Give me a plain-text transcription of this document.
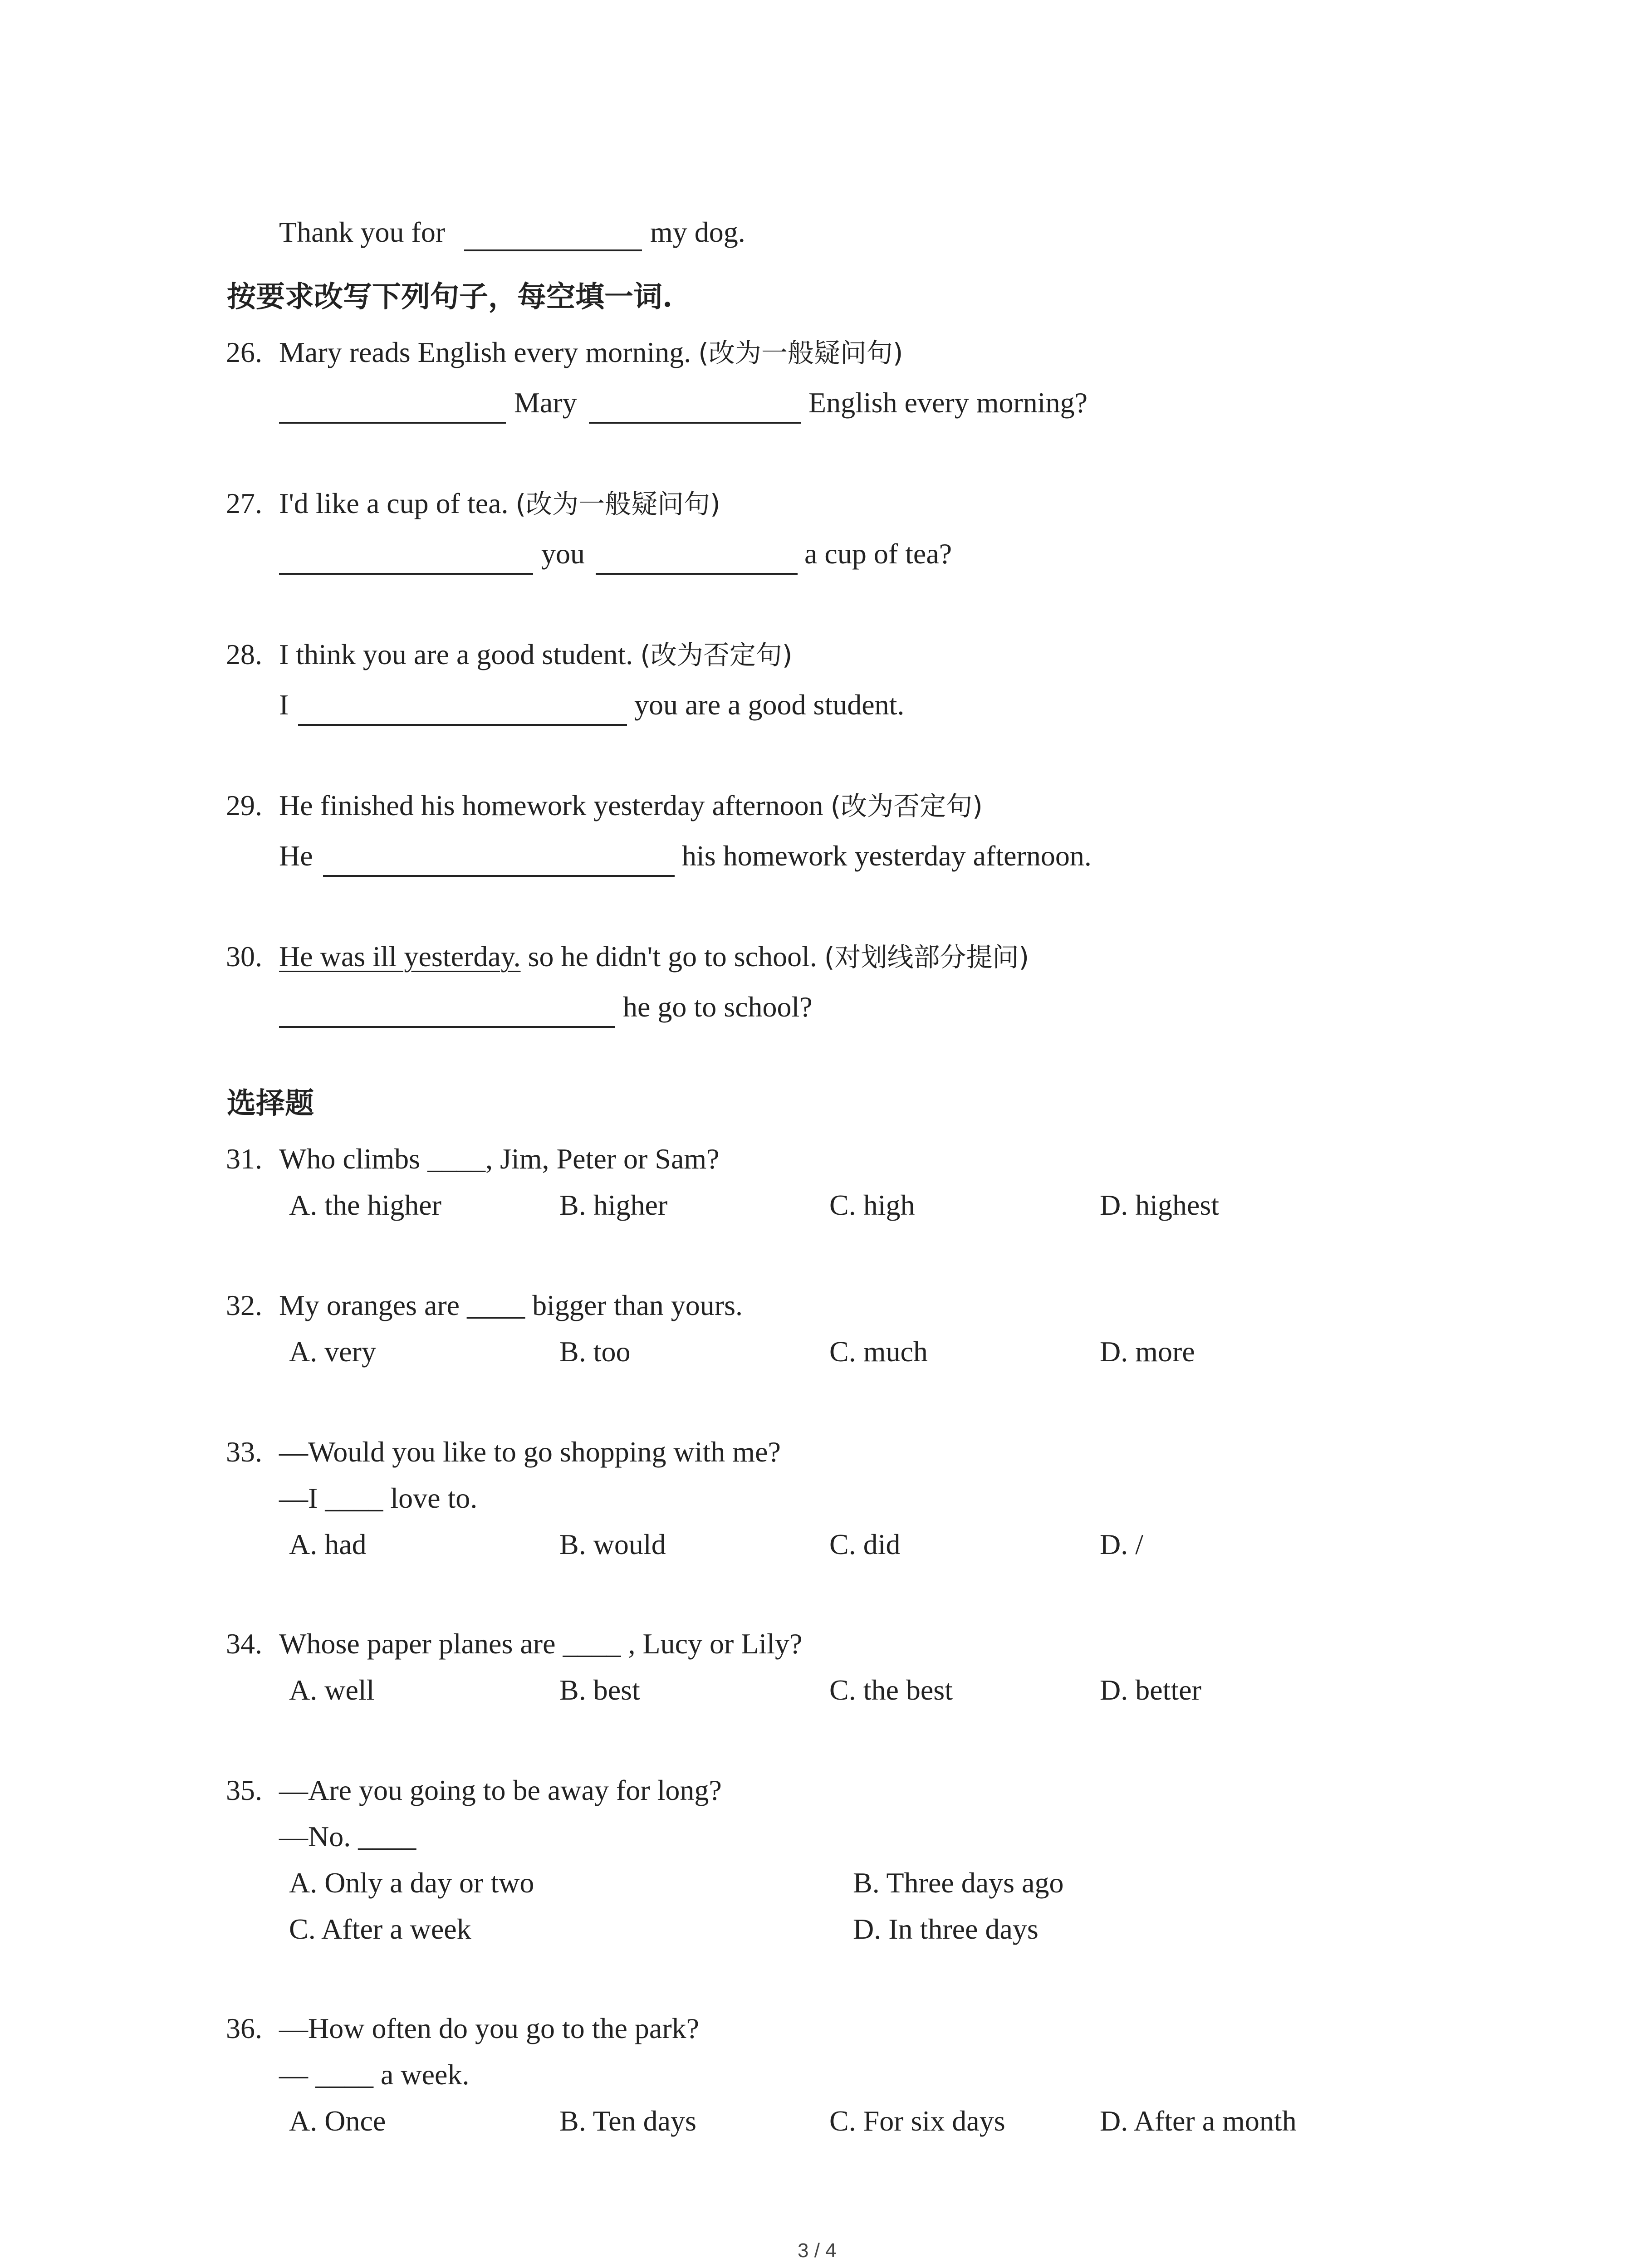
Thank you for	my dog.
按要求改写下列句子，每空填一词.
26. Mary reads English every morning. (改为一般疑问句)
Mary	English every morning?
27. I'd like a cup of tea. (改为一般疑问句)
you	a cup of tea?
28. I think you are a good student. (改为否定句)
I	you are a good student.
29. He finished his homework yesterday afternoon (改为否定句)
He	his homework yesterday afternoon.
30. He was ill yesterday. so he didn't go to school. (对划线部分提问)
he go to school?
选择题
31. Who climbs ____, Jim, Peter or Sam?
A. the higher	B. higher	C. high	D. highest
32. My oranges are ____ bigger than yours.
A. very	B. too	C. much	D. more
33. —Would you like to go shopping with me?
—I ____ love to.
A. had	B. would	C. did	D. /
34. Whose paper planes are ____ , Lucy or Lily?
A. well	B. best	C. the best	D. better
35. —Are you going to be away for long?
—No. ____
A. Only a day or two	B. Three days ago
C. After a week	D. In three days
36. —How often do you go to the park?
— ____ a week.
A. Once	B. Ten days	C. For six days	D. After a month
3 / 4
